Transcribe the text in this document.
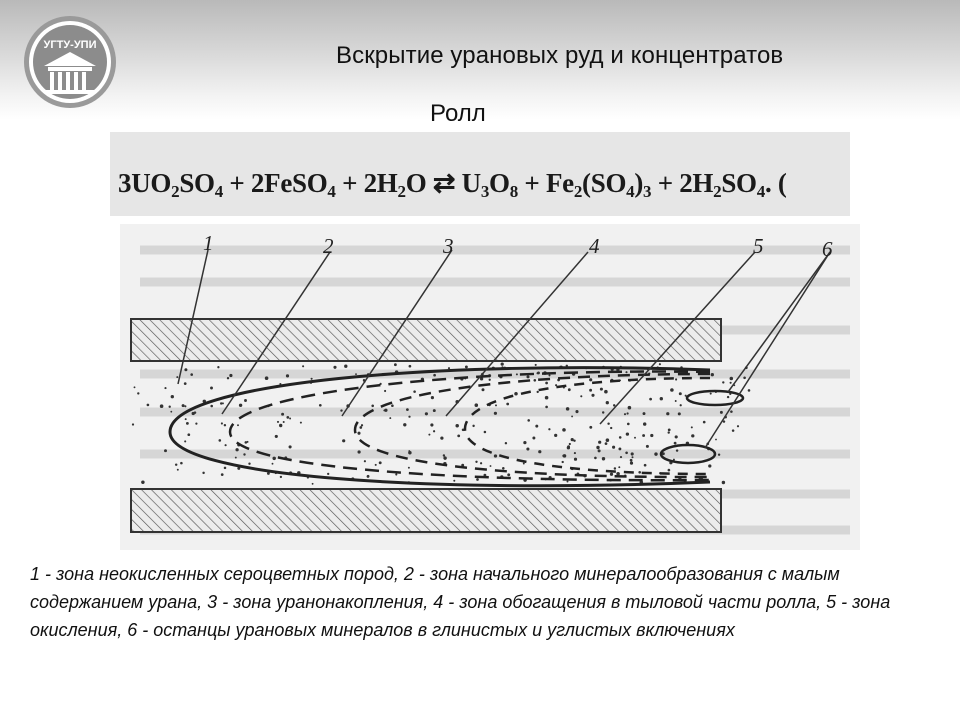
УГТУ-УПИ	Вскрытие урановых руд и концентратов
Ролл
1	2	3	4	5	6
$3UO_2SO_4$ + 2FeSO$_4$ + $2H_2O$ ⇄ $U_3O_8 + Fe_2(SO_4)_3 + 2H_2SO_4$. (
1 - зона неокисленных сероцветных пород, 2 - зона начального минералообразования с малым содержанием урана, 3 - зона уранонакопления, 4 - зона обогащения в тыловой части ролла, 5 - зона окисления, 6 - останцы урановых минералов в глинистых и углистых включениях
